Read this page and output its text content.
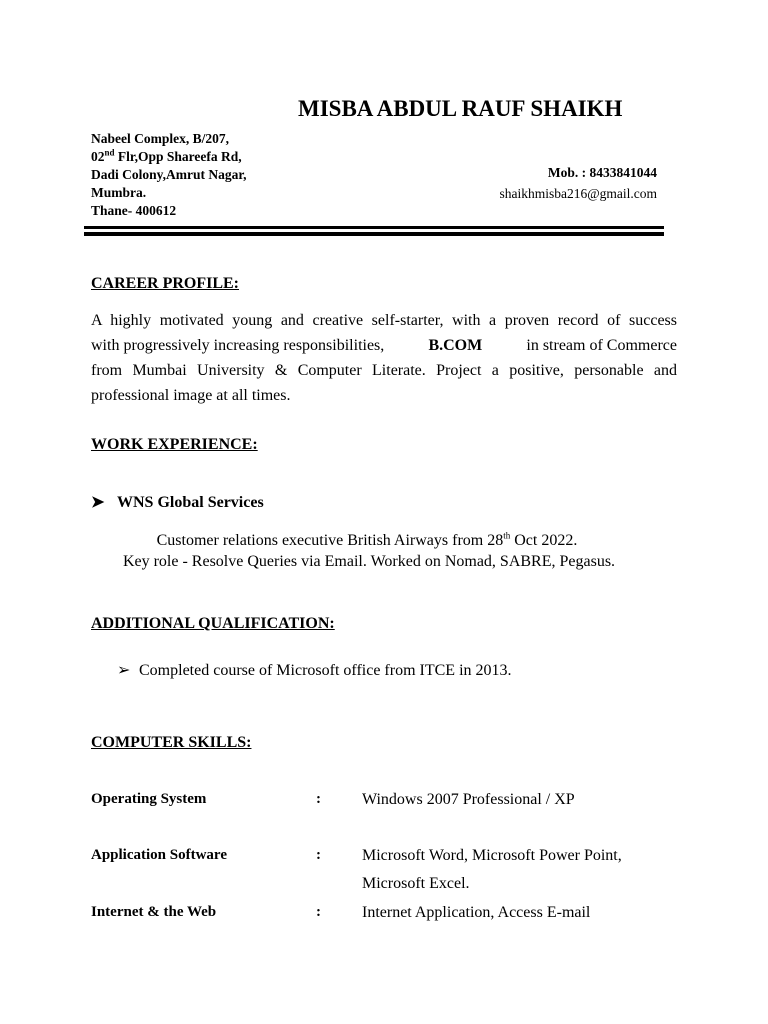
MISBA ABDUL RAUF SHAIKH
Nabeel Complex, B/207,
02nd Flr,Opp Shareefa Rd,
Dadi Colony,Amrut Nagar,
Mumbra.
Thane- 400612
Mob. : 8433841044
shaikhmisba216@gmail.com
CAREER PROFILE:
A highly motivated young and creative self-starter, with a proven record of success
with progressively increasing responsibilities,	B.COM	in stream of Commerce
from Mumbai University & Computer Literate. Project a positive, personable and
professional image at all times.
WORK EXPERIENCE:
➤ WNS Global Services
Customer relations executive British Airways from 28th Oct 2022.
Key role - Resolve Queries via Email. Worked on Nomad, SABRE, Pegasus.
ADDITIONAL QUALIFICATION:
➢ Completed course of Microsoft office from ITCE in 2013.
COMPUTER SKILLS:
Operating System	:	Windows 2007 Professional / XP
Application Software	:	Microsoft Word, Microsoft Power Point,
Microsoft Excel.
Internet & the Web	:	Internet Application, Access E-mail
